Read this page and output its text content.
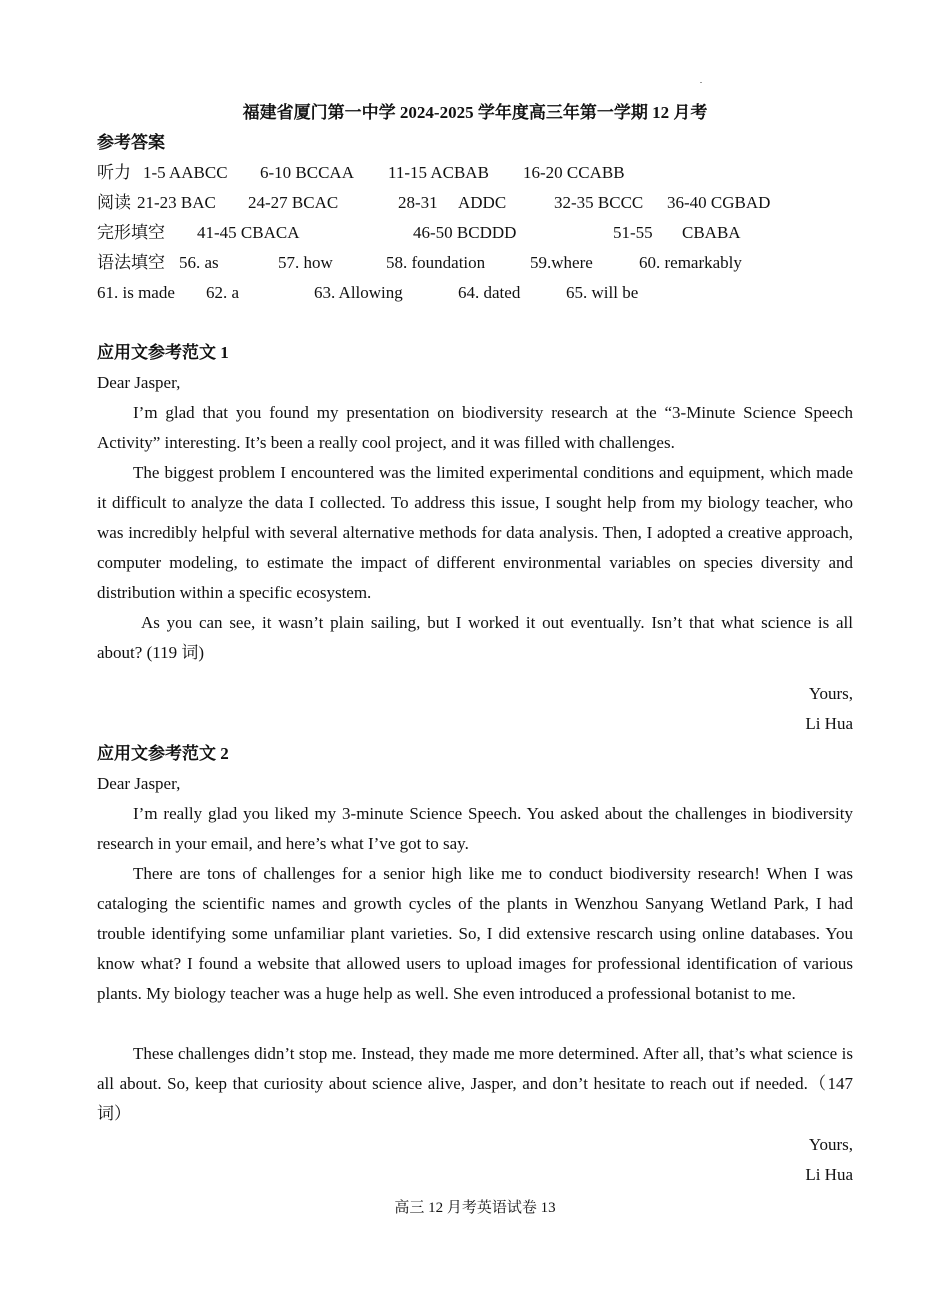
福建省厦门第一中学 2024-2025 学年度高三年第一学期 12 月考
参考答案
听力 1-5 AABCC 6-10 BCCAA 11-15 ACBAB 16-20 CCABB
阅读 21-23 BAC 24-27 BCAC	28-31 ADDC	32-35 BCCC 36-40 CGBAD
完形填空 41-45 CBACA	46-50 BCDDD	51-55 CBABA
语法填空 56. as	57. how	58. foundation	59.where	60. remarkably
61. is made 62. a	63. Allowing	64. dated	65. will be
应用文参考范文 1
Dear Jasper,

I’m glad that you found my presentation on biodiversity research at the “3-Minute Science Speech Activity” interesting. It’s been a really cool project, and it was filled with challenges.

The biggest problem I encountered was the limited experimental conditions and equipment, which made it difficult to analyze the data I collected. To address this issue, I sought help from my biology teacher, who was incredibly helpful with several alternative methods for data analysis. Then, I adopted a creative approach, computer modeling, to estimate the impact of different environmental variables on species diversity and distribution within a specific ecosystem.

As you can see, it wasn’t plain sailing, but I worked it out eventually. Isn’t that what science is all about? (119 词)

Yours,
Li Hua
应用文参考范文 2
Dear Jasper,

I’m really glad you liked my 3-minute Science Speech. You asked about the challenges in biodiversity research in your email, and here’s what I’ve got to say.

There are tons of challenges for a senior high like me to conduct biodiversity research! When I was cataloging the scientific names and growth cycles of the plants in Wenzhou Sanyang Wetland Park, I had trouble identifying some unfamiliar plant varieties. So, I did extensive rescarch using online databases. You know what? I found a website that allowed users to upload images for professional identification of various plants. My biology teacher was a huge help as well. She even introduced a professional botanist to me.

These challenges didn’t stop me. Instead, they made me more determined. After all, that’s what science is all about. So, keep that curiosity about science alive, Jasper, and don’t hesitate to reach out if needed.（147 词）

Yours,
Li Hua
高三 12 月考英语试卷 13
